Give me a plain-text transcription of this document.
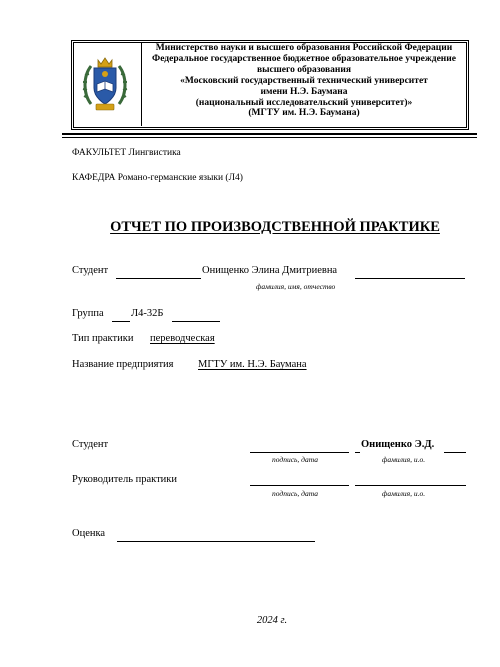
Министерство науки и высшего образования Российской Федерации
Федеральное государственное бюджетное образовательное учреждение
высшего образования
«Московский государственный технический университет
имени Н.Э. Баумана
(национальный исследовательский университет)»
(МГТУ им. Н.Э. Баумана)
ФАКУЛЬТЕТ Лингвистика
КАФЕДРА Романо-германские языки (Л4)
ОТЧЕТ ПО ПРОИЗВОДСТВЕННОЙ ПРАКТИКЕ
Студент	Онищенко Элина Дмитриевна
фамилия, имя, отчество
Группа	Л4-32Б
Тип практики переводческая
Название предприятия МГТУ им. Н.Э. Баумана
Студент	Онищенко Э.Д.
подпись, дата	фамилия, и.о.
Руководитель практики
подпись, дата	фамилия, и.о.
Оценка
2024 г.
